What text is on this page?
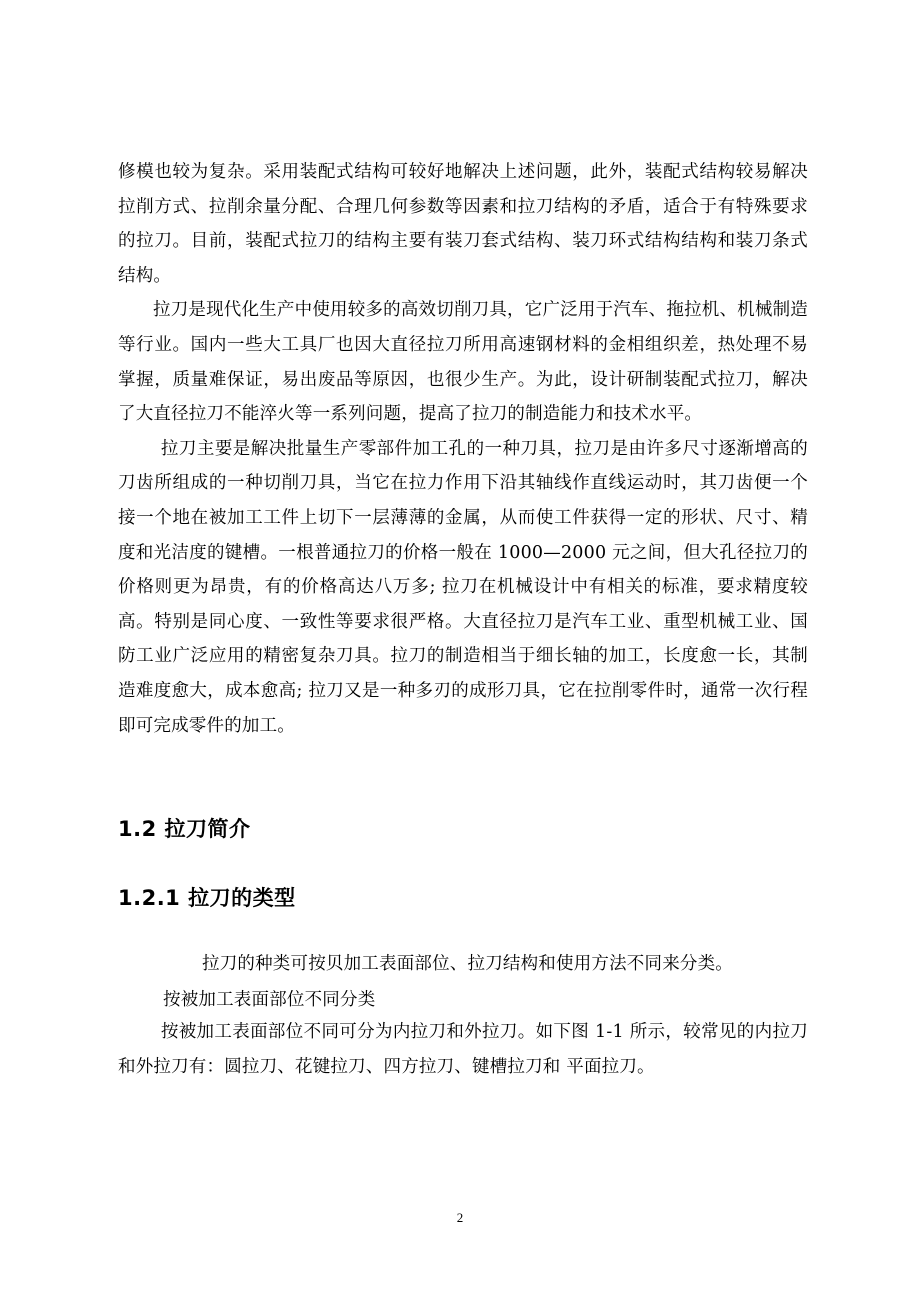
修模也较为复杂。采用装配式结构可较好地解决上述问题，此外，装配式结构较易解决拉削方式、拉削余量分配、合理几何参数等因素和拉刀结构的矛盾，适合于有特殊要求的拉刀。目前，装配式拉刀的结构主要有装刀套式结构、装刀环式结构结构和装刀条式结构。

拉刀是现代化生产中使用较多的高效切削刀具，它广泛用于汽车、拖拉机、机械制造等行业。国内一些大工具厂也因大直径拉刀所用高速钢材料的金相组织差，热处理不易掌握，质量难保证，易出废品等原因，也很少生产。为此，设计研制装配式拉刀，解决了大直径拉刀不能淬火等一系列问题，提高了拉刀的制造能力和技术水平。

拉刀主要是解决批量生产零部件加工孔的一种刀具，拉刀是由许多尺寸逐渐增高的刀齿所组成的一种切削刀具，当它在拉力作用下沿其轴线作直线运动时，其刀齿便一个接一个地在被加工工件上切下一层薄薄的金属，从而使工件获得一定的形状、尺寸、精度和光洁度的键槽。一根普通拉刀的价格一般在 1000—2000 元之间，但大孔径拉刀的价格则更为昂贵，有的价格高达八万多; 拉刀在机械设计中有相关的标准，要求精度较高。特别是同心度、一致性等要求很严格。大直径拉刀是汽车工业、重型机械工业、国防工业广泛应用的精密复杂刀具。拉刀的制造相当于细长轴的加工，长度愈一长，其制造难度愈大，成本愈高; 拉刀又是一种多刃的成形刀具，它在拉削零件时，通常一次行程即可完成零件的加工。

1.2 拉刀简介
1.2.1 拉刀的类型

拉刀的种类可按贝加工表面部位、拉刀结构和使用方法不同来分类。

按被加工表面部位不同分类

按被加工表面部位不同可分为内拉刀和外拉刀。如下图 1-1 所示，较常见的内拉刀和外拉刀有：圆拉刀、花键拉刀、四方拉刀、键槽拉刀和 平面拉刀。

2
